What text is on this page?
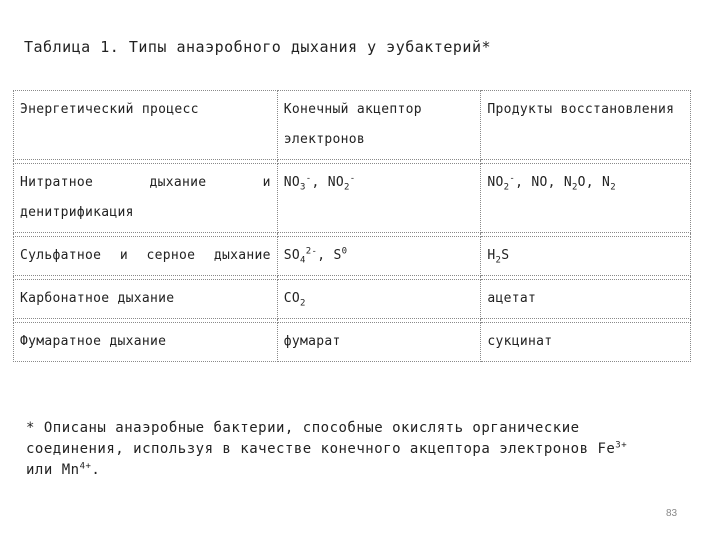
Таблица 1. Типы анаэробного дыхания у эубактерий*
Энергетический процесс	Конечный акцептор электронов	Продукты восстановления

Нитратное дыхание и денитрификация	$NO_3^-$, $NO_2^-$	$NO_2^-$, NO, $N_2O$, $N_2$

Сульфатное и серное дыхание	$SO_4^{2-}$, $S^0$	$H_2S$

Карбонатное дыхание	$CO_2$	ацетат

Фумаратное дыхание	фумарат	сукцинат
* Описаны анаэробные бактерии, способные окислять органические соединения, используя в качестве конечного акцептора электронов $Fe^{3+}$ или $Mn^{4+}$.
83
